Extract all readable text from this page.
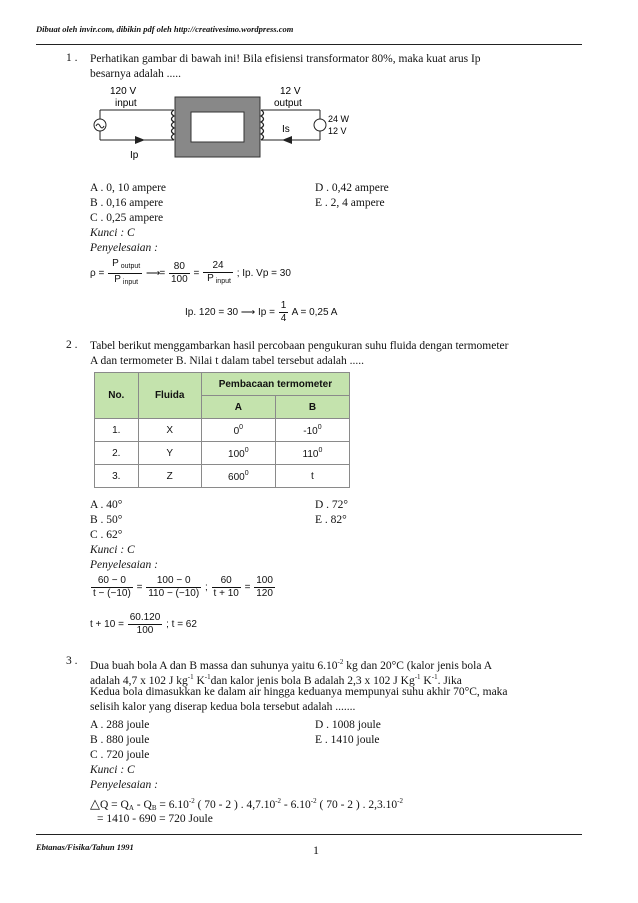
Dibuat oleh invir.com, dibikin pdf oleh http://creativesimo.wordpress.com
1 . Perhatikan gambar di bawah ini! Bila efisiensi transformator 80%, maka kuat arus Ip
besarnya adalah .....
120 V
input
Ip
12 V
output
Is
24 W
12 V
A . 0, 10 ampere
B . 0,16 ampere
C . 0,25 ampere
D . 0,42 ampere
E . 2, 4 ampere
Kunci : C
Penyelesaian :
$\rho = \frac{P _{output}}{P _{input}}$ ⟶= $\frac{80}{100} = \frac{24}{P _{input}}$ ; Ip. Vp = 30
Ip. 120 = 30 ⟶ $Ip = \frac{1}{4}$ A = 0,25 A
2 . Tabel berikut menggambarkan hasil percobaan pengukuran suhu fluida dengan termometer
A dan termometer B. Nilai t dalam tabel tersebut adalah .....
No.	Fluida	Pembacaan termometer	
		A	B
1.	X	$0^0$	$-10^0$
2.	Y	$100^0$	$110^0$
3.	Z	$600^0$	t
A . 40°
B . 50°
C . 62°
D . 72°
E . 82°
Kunci : C
Penyelesaian :
$\frac{60 - 0}{t - (-10)} = \frac{100 - 0}{110 - (-10)}$ ; $\frac{60}{t + 10} = \frac{100}{120}$
$t + 10 = \frac{60.120}{100}$ ; t = 62
3 . Dua buah bola A dan B massa dan suhunya yaitu $6.10^{-2}$ kg dan 20°C (kalor jenis bola A
adalah 4,7 x 102 J $kg^{-1}$ $K^{-1}dan$ kalor jenis bola B adalah 2,3 x 102 J $Kg^{-1}$ $K^{-1}$. Jika
Kedua bola dimasukkan ke dalam air hingga keduanya mempunyai suhu akhir 70°C, maka
selisih kalor yang diserap kedua bola tersebut adalah .......
A . 288 joule
B . 880 joule
C . 720 joule
D . 1008 joule
E . 1410 joule
Kunci : C
Penyelesaian :
△Q = $Q_A - Q_B = 6.10^{-2}$ ( 70 - 2 ) . $4,7.10^{-2} - 6.10^{-2}$ ( 70 - 2 ) . $2,3.10^{-2}$
= 1410 - 690 = 720 Joule
Ebtanas/Fisika/Tahun 1991	1
